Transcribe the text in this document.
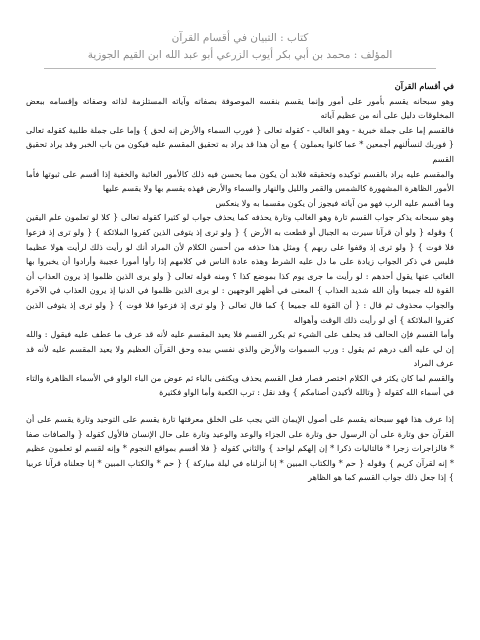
كتاب : التبيان في أقسام القرآن
المؤلف : محمد بن أبي بكر أيوب الزرعي أبو عبد الله ابن القيم الجوزية

في أقسام القرآن

وهو سبحانه يقسم بأمور على أمور وإنما يقسم بنفسه الموصوفة بصفاته وآياته المستلزمة لذاته وصفاته وإقسامه ببعض المخلوقات دليل على أنه من عظيم آياته

فالقسم إما على جملة خبرية - وهو الغالب - كقوله تعالى { فورب السماء والأرض إنه لحق } وإما على جملة طلبية كقوله تعالى { فوربك لنسألنهم أجمعين * عما كانوا يعملون } مع أن هذا قد يراد به تحقيق المقسم عليه فيكون من باب الخبر وقد يراد تحقيق القسم

والمقسم عليه يراد بالقسم توكيده وتحقيقه فلابد أن يكون مما يحسن فيه ذلك كالأمور الغائبة والخفية إذا أقسم على ثبوتها فأما الأمور الظاهرة المشهورة كالشمس والقمر والليل والنهار والسماء والأرض فهذه يقسم بها ولا يقسم عليها

وما أقسم عليه الرب فهو من آياته فيجوز أن يكون مقسما به ولا ينعكس

وهو سبحانه يذكر جواب القسم تارة وهو الغالب وتارة يحذفه كما يحذف جواب لو كثيرا كقوله تعالى { كلا لو تعلمون علم اليقين } وقوله { ولو أن قرآنا سيرت به الجبال أو قطعت به الأرض } { ولو ترى إذ يتوفى الذين كفروا الملائكة } { ولو ترى إذ فزعوا فلا فوت } { ولو ترى إذ وقفوا على ربهم } ومثل هذا حذفه من أحسن الكلام لأن المراد أنك لو رأيت ذلك لرأيت هولا عظيما فليس في ذكر الجواب زيادة على ما دل عليه الشرط وهذه عادة الناس في كلامهم إذا رأوا أمورا عجيبة وأرادوا أن يخبروا بها الغائب عنها يقول أحدهم : لو رأيت ما جرى يوم كذا بموضع كذا ؟ ومنه قوله تعالى { ولو يرى الذين ظلموا إذ يرون العذاب أن القوة لله جميعا وأن الله شديد العذاب } المعنى في أظهر الوجهين : لو يرى الذين ظلموا في الدنيا إذ يرون العذاب في الآخرة والجواب محذوف ثم قال : { أن القوة لله جميعا } كما قال تعالى { ولو ترى إذ فزعوا فلا فوت } { ولو ترى إذ يتوفى الذين كفروا الملائكة } أي لو رأيت ذلك الوقت وأهواله

وأما القسم فإن الحالف قد يحلف على الشيء ثم يكرر القسم فلا يعيد المقسم عليه لأنه قد عرف ما عطف عليه فيقول : والله إن لي عليه ألف درهم ثم يقول : ورب السموات والأرض والذي نفسي بيده وحق القرآن العظيم ولا يعيد المقسم عليه لأنه قد عرف المراد

والقسم لما كان يكثر في الكلام اختصر فصار فعل القسم يحذف ويكتفى بالباء ثم عوض من الباء الواو في الأسماء الظاهرة والتاء في أسماء الله كقوله { وتالله لأكيدن أصنامكم } وقد نقل : ترب الكعبة وأما الواو فكثيرة

إذا عرف هذا فهو سبحانه يقسم على أصول الإيمان التي يجب على الخلق معرفتها تارة يقسم على التوحيد وتارة يقسم على أن القرآن حق وتارة على أن الرسول حق وتارة على الجزاء والوعد والوعيد وتارة على حال الإنسان فالأول كقوله { والصافات صفا * فالزاجرات زجرا * فالتاليات ذكرا * إن إلهكم لواحد } والثاني كقوله { فلا أقسم بمواقع النجوم * وإنه لقسم لو تعلمون عظيم * إنه لقرآن كريم } وقوله { حم * والكتاب المبين * إنا أنزلناه في ليلة مباركة } { حم * والكتاب المبين * إنا جعلناه قرآنا عربيا } إذا جعل ذلك جواب القسم كما هو الظاهر
